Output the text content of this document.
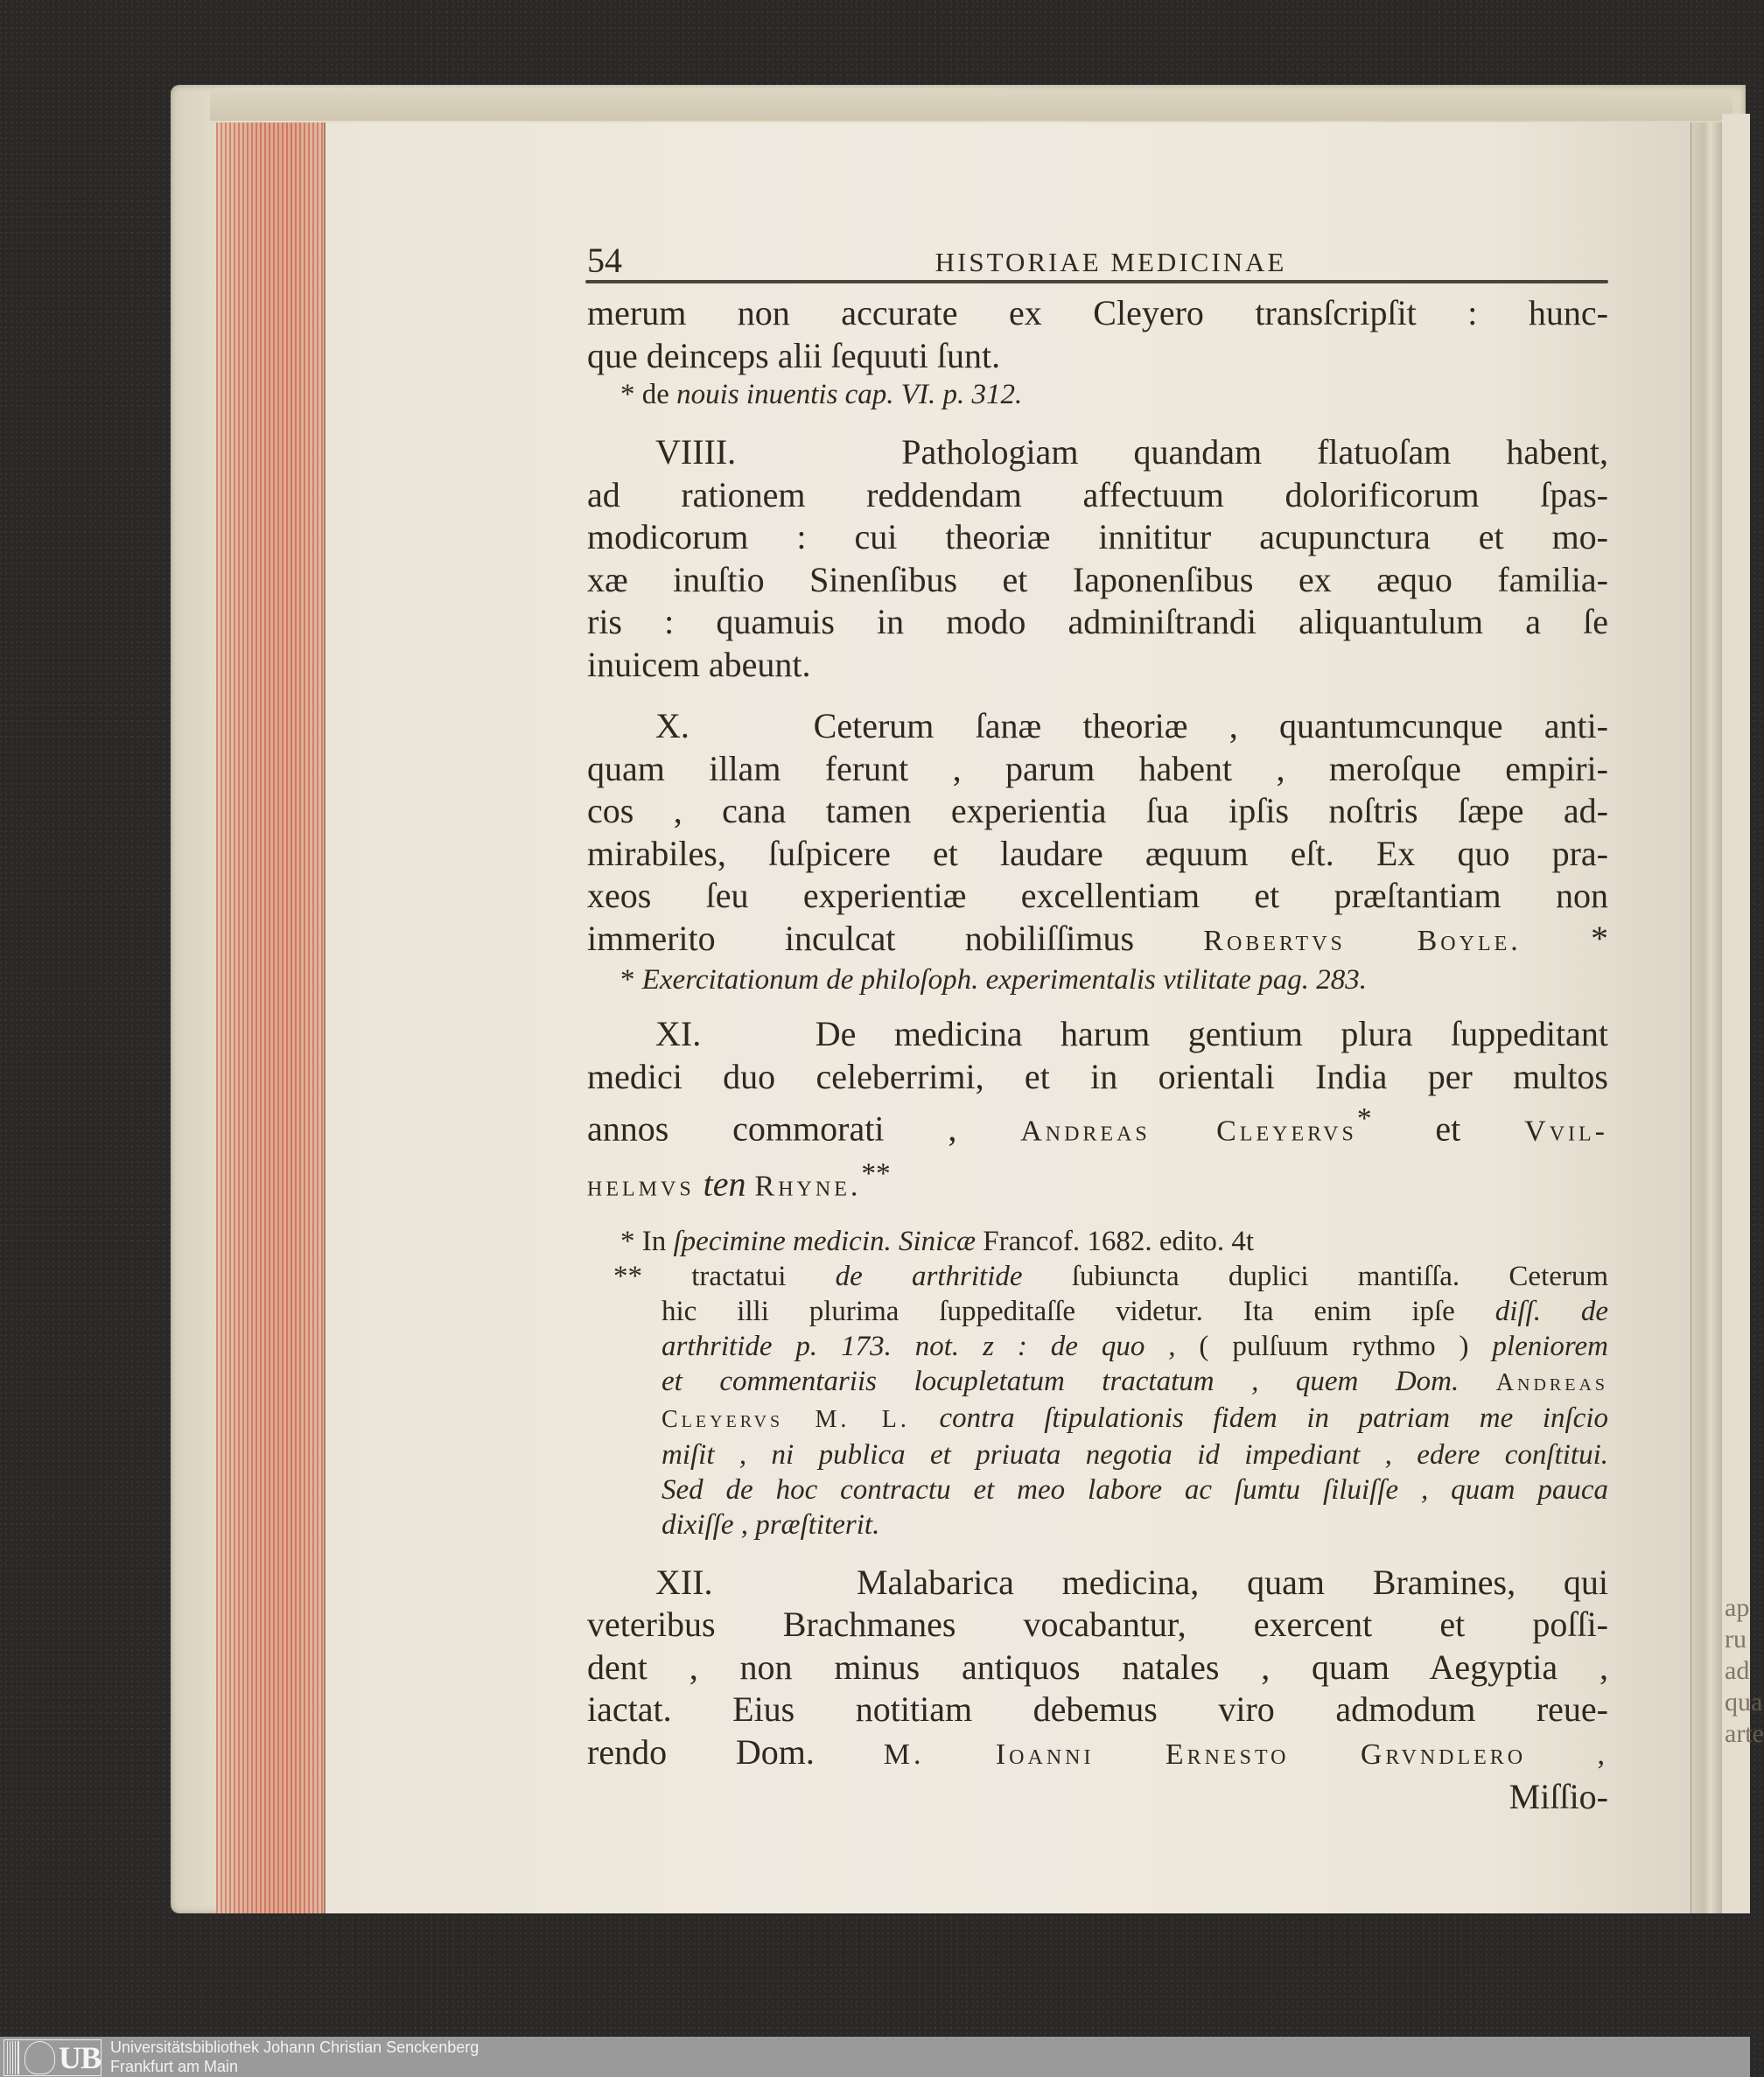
ap
ru
ad
qua
arte
54	HISTORIAE MEDICINAE
merum non accurate ex Cleyero transſcripſit : hunc-
que deinceps alii ſequuti ſunt.
* de nouis inuentis cap. VI. p. 312.
VIIII.	Pathologiam quandam flatuoſam habent,
ad rationem reddendam affectuum dolorificorum ſpas-
modicorum : cui theoriæ innititur acupunctura et mo-
xæ inuſtio Sinenſibus et Iaponenſibus ex æquo familia-
ris : quamuis in modo adminiſtrandi aliquantulum a ſe
inuicem abeunt.
X.	Ceterum ſanæ theoriæ , quantumcunque anti-
quam illam ferunt , parum habent , meroſque empiri-
cos , cana tamen experientia ſua ipſis noſtris ſæpe ad-
mirabiles, ſuſpicere et laudare æquum eſt. Ex quo pra-
xeos ſeu experientiæ excellentiam et præſtantiam non
immerito inculcat nobiliſſimus Robertvs Boyle. *
* Exercitationum de philoſoph. experimentalis vtilitate pag. 283.
XI.	De medicina harum gentium plura ſuppeditant
medici duo celeberrimi, et in orientali India per multos
annos commorati , Andreas Cleyervs* et Vvil-
helmvs ten Rhyne.**
* In ſpecimine medicin. Sinicæ Francof. 1682. edito. 4t
** tractatui de arthritide ſubiuncta duplici mantiſſa. Ceterum
hic illi plurima ſuppeditaſſe videtur. Ita enim ipſe diſſ. de
arthritide p. 173. not. z : de quo , ( pulſuum rythmo ) pleniorem
et commentariis locupletatum tractatum , quem Dom. Andreas
Cleyervs M. L. contra ſtipulationis fidem in patriam me inſcio
miſit , ni publica et priuata negotia id impediant , edere conſtitui.
Sed de hoc contractu et meo labore ac ſumtu ſiluiſſe , quam pauca
dixiſſe , præſtiterit.
XII.	Malabarica medicina, quam Bramines, qui
veteribus Brachmanes vocabantur, exercent et poſſi-
dent , non minus antiquos natales , quam Aegyptia ,
iactat. Eius notitiam debemus viro admodum reue-
rendo Dom. M. Ioanni Ernesto Grvndlero ,
Miſſio-
UB Universitätsbibliothek Johann Christian Senckenberg
Frankfurt am Main
